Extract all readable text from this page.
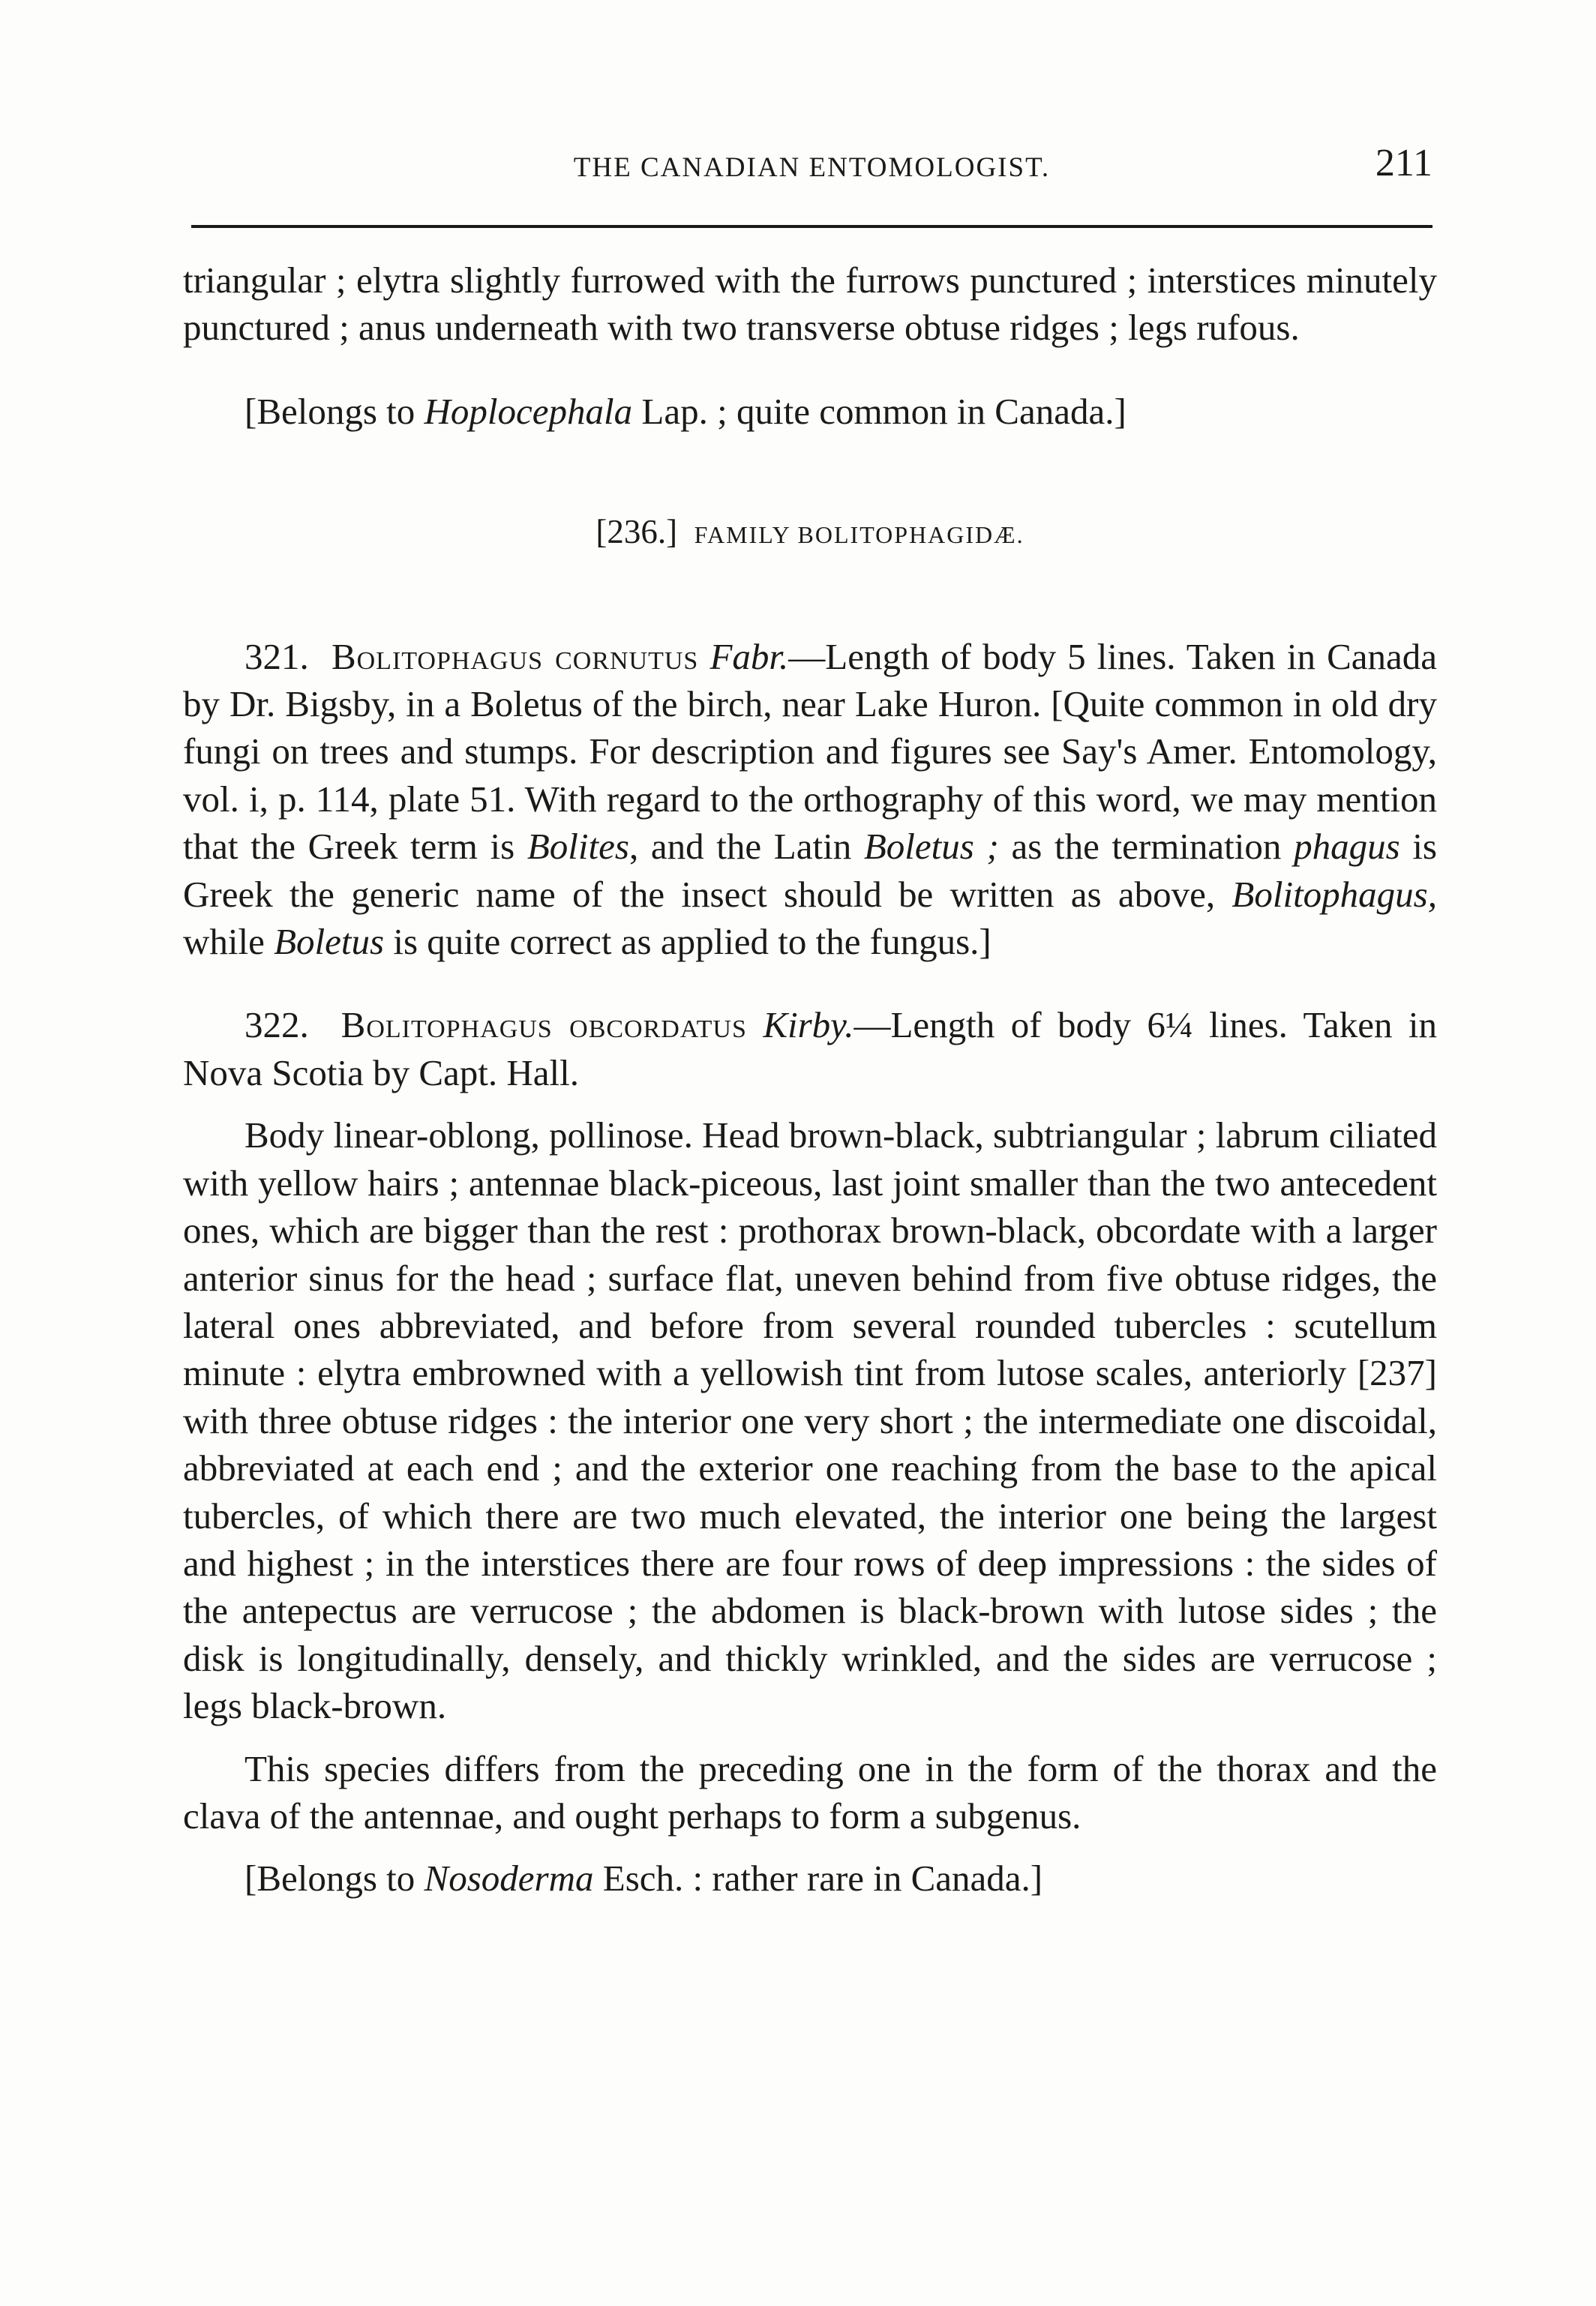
THE CANADIAN ENTOMOLOGIST.	211

triangular ; elytra slightly furrowed with the furrows punctured ; interstices minutely punctured ; anus underneath with two transverse obtuse ridges ; legs rufous.

[Belongs to Hoplocephala Lap. ; quite common in Canada.]

[236.] FAMILY BOLITOPHAGIDÆ.

321. Bolitophagus cornutus Fabr.—Length of body 5 lines. Taken in Canada by Dr. Bigsby, in a Boletus of the birch, near Lake Huron. [Quite common in old dry fungi on trees and stumps. For description and figures see Say's Amer. Entomology, vol. i, p. 114, plate 51. With regard to the orthography of this word, we may mention that the Greek term is Bolites, and the Latin Boletus ; as the termination phagus is Greek the generic name of the insect should be written as above, Bolitophagus, while Boletus is quite correct as applied to the fungus.]

322. Bolitophagus obcordatus Kirby.—Length of body 6¼ lines. Taken in Nova Scotia by Capt. Hall.

Body linear-oblong, pollinose. Head brown-black, subtriangular ; labrum ciliated with yellow hairs ; antennae black-piceous, last joint smaller than the two antecedent ones, which are bigger than the rest : prothorax brown-black, obcordate with a larger anterior sinus for the head ; surface flat, uneven behind from five obtuse ridges, the lateral ones abbreviated, and before from several rounded tubercles : scutellum minute : elytra embrowned with a yellowish tint from lutose scales, anteriorly [237] with three obtuse ridges : the interior one very short ; the intermediate one discoidal, abbreviated at each end ; and the exterior one reaching from the base to the apical tubercles, of which there are two much elevated, the interior one being the largest and highest ; in the interstices there are four rows of deep impressions : the sides of the antepectus are verrucose ; the abdomen is black-brown with lutose sides ; the disk is longitudinally, densely, and thickly wrinkled, and the sides are verrucose ; legs black-brown.

This species differs from the preceding one in the form of the thorax and the clava of the antennae, and ought perhaps to form a subgenus.

[Belongs to Nosoderma Esch. : rather rare in Canada.]
